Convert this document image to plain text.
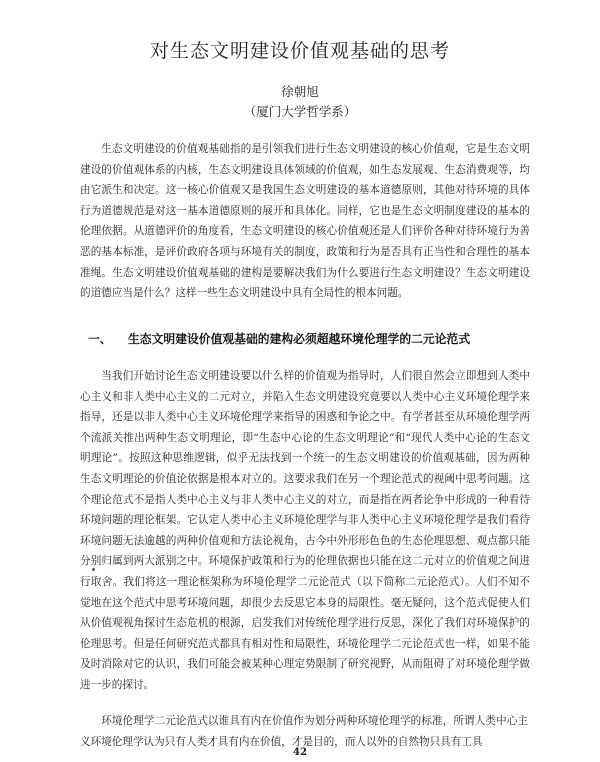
对生态文明建设价值观基础的思考
徐朝旭
（厦门大学哲学系）
生态文明建设的价值观基础指的是引领我们进行生态文明建设的核心价值观，它是生态文明建设的价值观体系的内核，生态文明建设具体领域的价值观，如生态发展观、生态消费观等，均由它派生和决定。这一核心价值观又是我国生态文明建设的基本道德原则，其他对待环境的具体行为道德规范是对这一基本道德原则的展开和具体化。同样，它也是生态文明制度建设的基本的伦理依据。从道德评价的角度看，生态文明建设的核心价值观还是人们评价各种对待环境行为善恶的基本标准，是评价政府各项与环境有关的制度，政策和行为是否具有正当性和合理性的基本准绳。生态文明建设价值观基础的建构是要解决我们为什么要进行生态文明建设？生态文明建设的道德应当是什么？这样一些生态文明建设中具有全局性的根本问题。
一、 生态文明建设价值观基础的建构必须超越环境伦理学的二元论范式
当我们开始讨论生态文明建设要以什么样的价值观为指导时，人们很自然会立即想到人类中心主义和非人类中心主义的二元对立，并陷入生态文明建设究竟要以人类中心主义环境伦理学来指导，还是以非人类中心主义环境伦理学来指导的困惑和争论之中。有学者甚至从环境伦理学两个流派关推出两种生态文明理论，即“生态中心论的生态文明理论”和“现代人类中心论的生态文明理论”。按照这种思维逻辑，似乎无法找到一个统一的生态文明建设的价值观基础，因为两种生态文明理论的价值论依据是根本对立的。这要求我们在另一个理论范式的视阈中思考问题。这个理论范式不是指人类中心主义与非人类中心主义的对立，而是指在两者论争中形成的一种看待环境问题的理论框架。它认定人类中心主义环境伦理学与非人类中心主义环境伦理学是我们看待环境问题无法逾越的两种价值观和方法论视角，古今中外形形色色的生态伦理思想、观点都只能分别归属到两大派别之中。环境保护政策和行为的伦理依据也只能在这二元对立的价值观之间进行取舍。我们将这一理论框架称为环境伦理学二元论范式（以下简称二元论范式）。人们不知不觉地在这个范式中思考环境问题，却很少去反思它本身的局限性。毫无疑问，这个范式促使人们从价值观视角探讨生态危机的根源，启发我们对传统伦理学进行反思，深化了我们对环境保护的伦理思考。但是任何研究范式都具有相对性和局限性，环境伦理学二元论范式也一样，如果不能及时消除对它的认识，我们可能会被某种心理定势限制了研究视野，从而阻碍了对环境伦理学做进一步的探讨。
环境伦理学二元论范式以谁具有内在价值作为划分两种环境伦理学的标准，所谓人类中心主义环境伦理学认为只有人类才具有内在价值，才是目的，而人以外的自然物只具有工具
42
